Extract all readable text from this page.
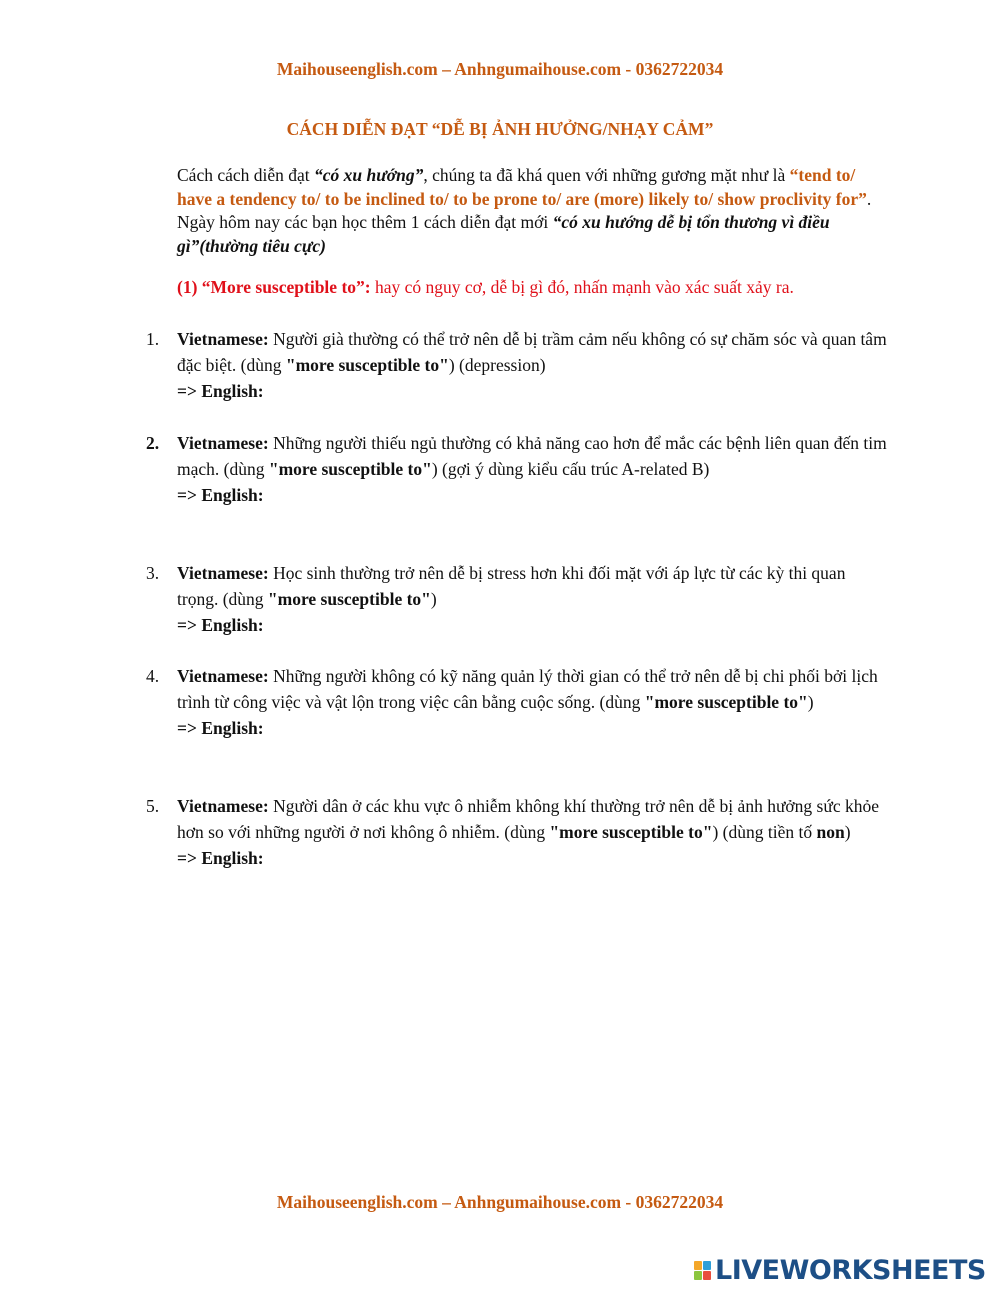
Maihouseenglish.com – Anhngumaihouse.com - 0362722034
CÁCH DIỄN ĐẠT “DỄ BỊ ẢNH HƯỞNG/NHẠY CẢM”
Cách cách diễn đạt “có xu hướng”, chúng ta đã khá quen với những gương mặt như là “tend to/ have a tendency to/ to be inclined to/ to be prone to/ are (more) likely to/ show proclivity for”. Ngày hôm nay các bạn học thêm 1 cách diễn đạt mới “có xu hướng dễ bị tổn thương vì điều gì”(thường tiêu cực)
(1) “More susceptible to”: hay có nguy cơ, dễ bị gì đó, nhấn mạnh vào xác suất xảy ra.
1.	Vietnamese: Người già thường có thể trở nên dễ bị trầm cảm nếu không có sự chăm sóc và quan tâm đặc biệt. (dùng "more susceptible to") (depression)
=> English:
2.	Vietnamese: Những người thiếu ngủ thường có khả năng cao hơn để mắc các bệnh liên quan đến tim mạch. (dùng "more susceptible to") (gợi ý dùng kiểu cấu trúc A-related B)
=> English:
3.	Vietnamese: Học sinh thường trở nên dễ bị stress hơn khi đối mặt với áp lực từ các kỳ thi quan trọng. (dùng "more susceptible to")
=> English:
4.	Vietnamese: Những người không có kỹ năng quản lý thời gian có thể trở nên dễ bị chi phối bởi lịch trình từ công việc và vật lộn trong việc cân bằng cuộc sống. (dùng "more susceptible to")
=> English:
5.	Vietnamese: Người dân ở các khu vực ô nhiễm không khí thường trở nên dễ bị ảnh hưởng sức khỏe hơn so với những người ở nơi không ô nhiễm. (dùng "more susceptible to") (dùng tiền tố non)
=> English:
Maihouseenglish.com – Anhngumaihouse.com - 0362722034
LIVEWORKSHEETS
